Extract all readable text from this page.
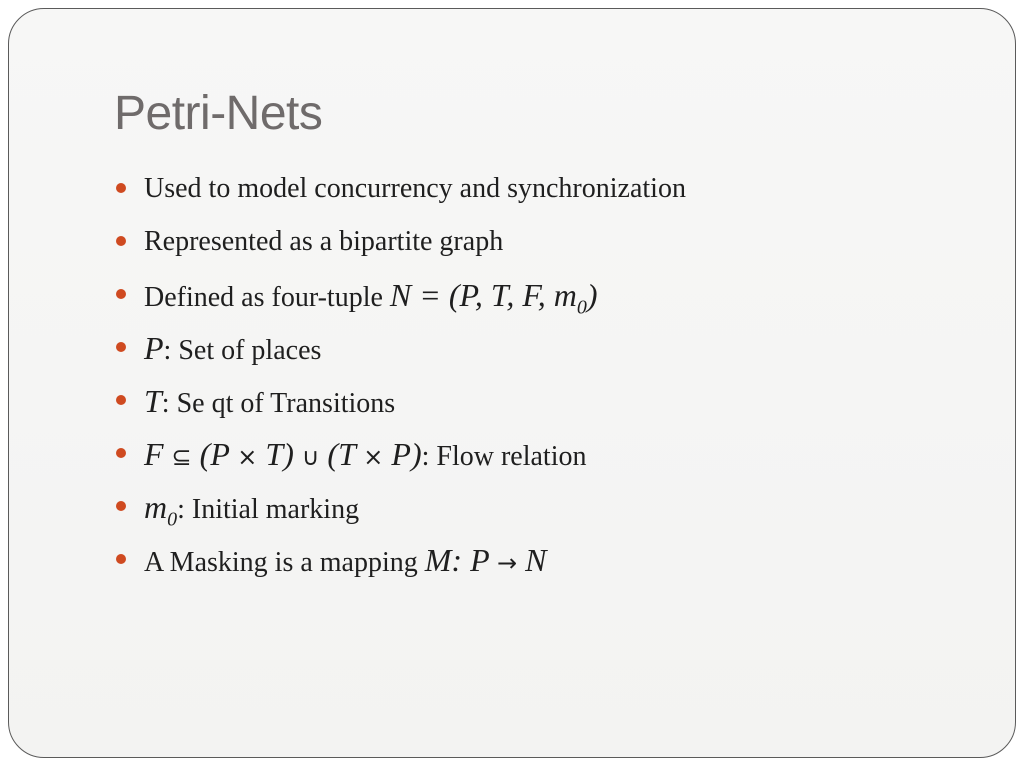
Petri-Nets
Used to model concurrency and synchronization
Represented as a bipartite graph
Defined as four-tuple N = (P, T, F, $m_0$)
P: Set of places
T: Se qt of Transitions
F ⊆ (P × T) ∪ (T × P): Flow relation
$m_0$: Initial marking
A Masking is a mapping M: P → N
